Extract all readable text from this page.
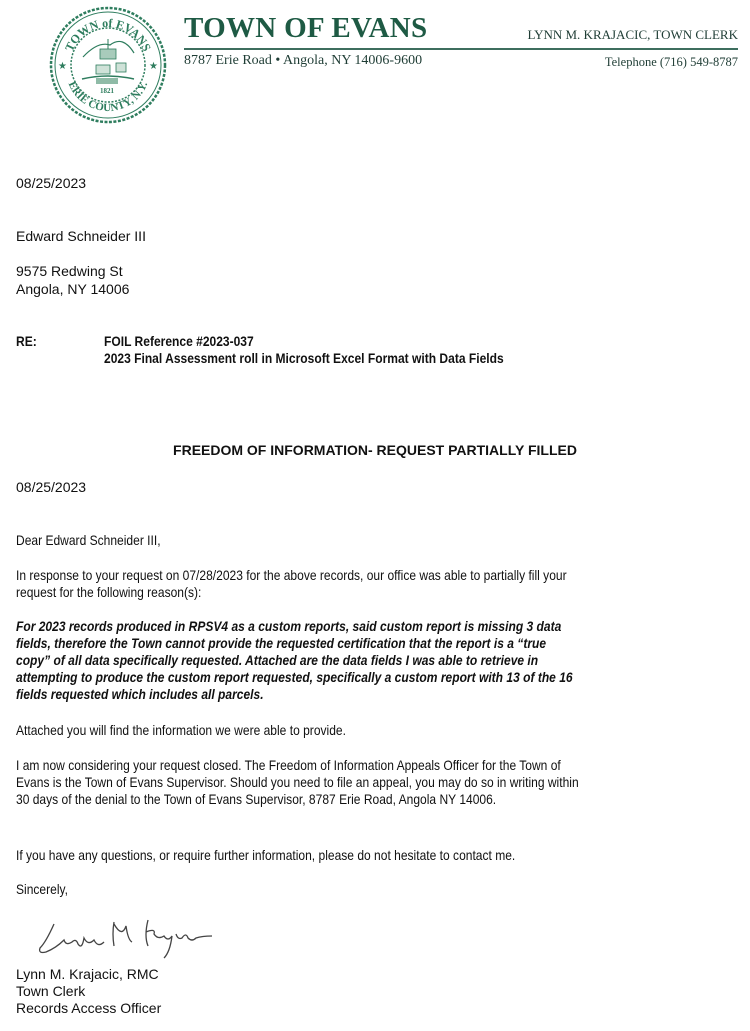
TOWN of EVANS
ERIE COUNTY, N.Y.
★	★
1821
TOWN OF EVANS	LYNN M. KRAJACIC, TOWN CLERK
8787 Erie Road • Angola, NY 14006-9600	Telephone (716) 549-8787
08/25/2023
Edward Schneider III
9575 Redwing St
Angola, NY 14006
RE:	FOIL Reference #2023-037
2023 Final Assessment roll in Microsoft Excel Format with Data Fields
FREEDOM OF INFORMATION- REQUEST PARTIALLY FILLED
08/25/2023
Dear Edward Schneider III,
In response to your request on 07/28/2023 for the above records, our office was able to partially fill your
request for the following reason(s):
For 2023 records produced in RPSV4 as a custom reports, said custom report is missing 3 data
fields, therefore the Town cannot provide the requested certification that the report is a “true
copy” of all data specifically requested. Attached are the data fields I was able to retrieve in
attempting to produce the custom report requested, specifically a custom report with 13 of the 16
fields requested which includes all parcels.
Attached you will find the information we were able to provide.
I am now considering your request closed. The Freedom of Information Appeals Officer for the Town of
Evans is the Town of Evans Supervisor. Should you need to file an appeal, you may do so in writing within
30 days of the denial to the Town of Evans Supervisor, 8787 Erie Road, Angola NY 14006.
If you have any questions, or require further information, please do not hesitate to contact me.
Sincerely,
Lynn M. Krajacic, RMC
Town Clerk
Records Access Officer
